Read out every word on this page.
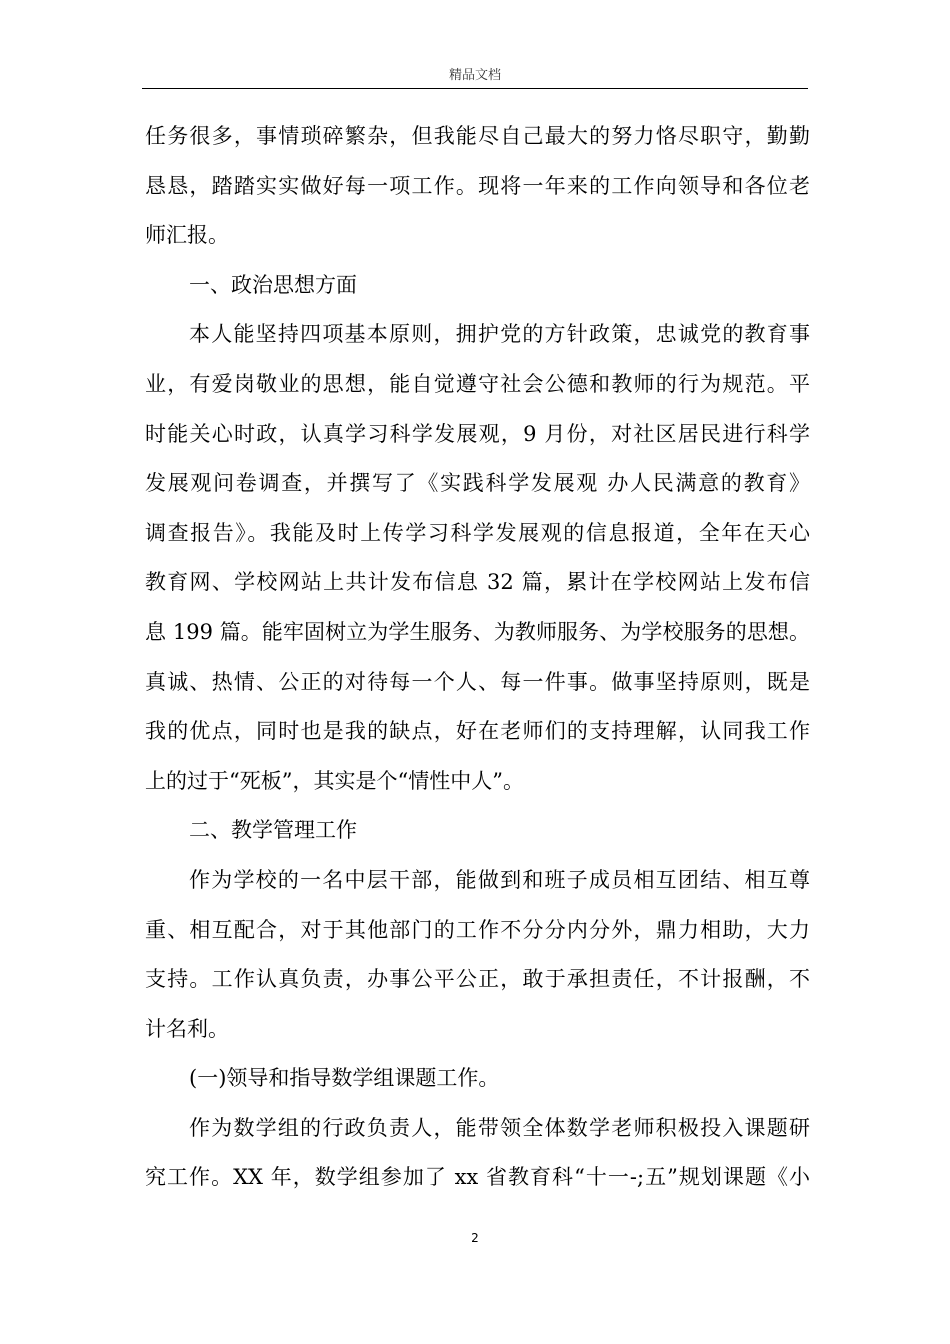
精品文档
任务很多，事情琐碎繁杂，但我能尽自己最大的努力恪尽职守，勤勤
恳恳，踏踏实实做好每一项工作。现将一年来的工作向领导和各位老
师汇报。
一、政治思想方面
本人能坚持四项基本原则，拥护党的方针政策，忠诚党的教育事
业，有爱岗敬业的思想，能自觉遵守社会公德和教师的行为规范。平
时能关心时政，认真学习科学发展观，9 月份，对社区居民进行科学
发展观问卷调查，并撰写了《实践科学发展观 办人民满意的教育》
调查报告》。我能及时上传学习科学发展观的信息报道，全年在天心
教育网、学校网站上共计发布信息 32 篇，累计在学校网站上发布信
息 199 篇。能牢固树立为学生服务、为教师服务、为学校服务的思想。
真诚、热情、公正的对待每一个人、每一件事。做事坚持原则，既是
我的优点，同时也是我的缺点，好在老师们的支持理解，认同我工作
上的过于“死板”，其实是个“情性中人”。
二、教学管理工作
作为学校的一名中层干部，能做到和班子成员相互团结、相互尊
重、相互配合，对于其他部门的工作不分分内分外，鼎力相助，大力
支持。工作认真负责，办事公平公正，敢于承担责任，不计报酬，不
计名利。
(一)领导和指导数学组课题工作。
作为数学组的行政负责人，能带领全体数学老师积极投入课题研
究工作。XX 年，数学组参加了 xx 省教育科“十一-;五”规划课题《小
2
